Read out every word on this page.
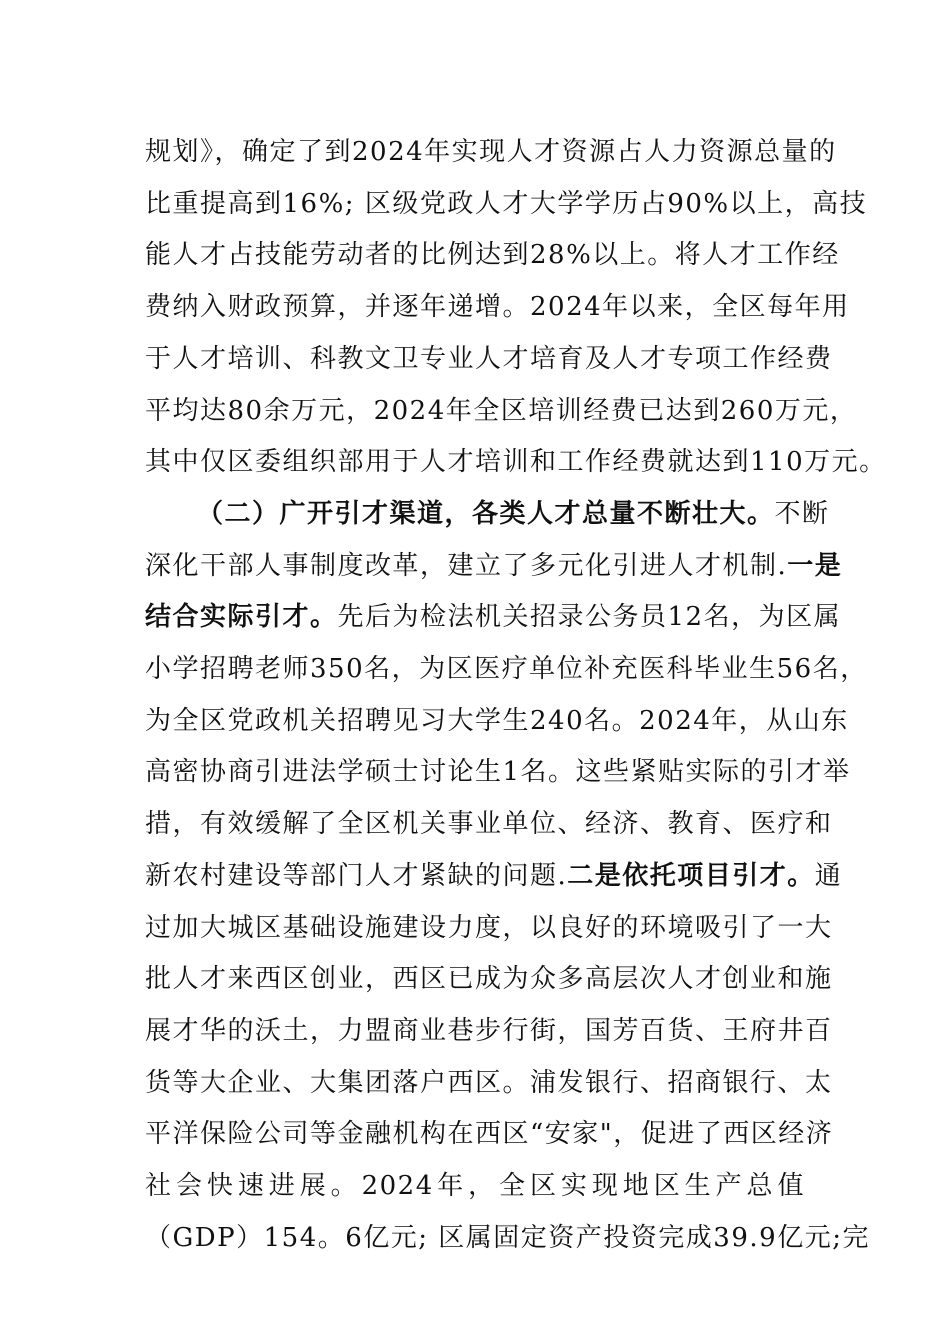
规划》，确定了到2024年实现人才资源占人力资源总量的
比重提高到16%; 区级党政人才大学学历占90%以上，高技
能人才占技能劳动者的比例达到28%以上。将人才工作经
费纳入财政预算，并逐年递增。2024年以来，全区每年用
于人才培训、科教文卫专业人才培育及人才专项工作经费
平均达80余万元，2024年全区培训经费已达到260万元，
其中仅区委组织部用于人才培训和工作经费就达到110万元。
（二）广开引才渠道，各类人才总量不断壮大。不断
深化干部人事制度改革，建立了多元化引进人才机制.一是
结合实际引才。先后为检法机关招录公务员12名，为区属
小学招聘老师350名，为区医疗单位补充医科毕业生56名，
为全区党政机关招聘见习大学生240名。2024年，从山东
高密协商引进法学硕士讨论生1名。这些紧贴实际的引才举
措，有效缓解了全区机关事业单位、经济、教育、医疗和
新农村建设等部门人才紧缺的问题.二是依托项目引才。通
过加大城区基础设施建设力度，以良好的环境吸引了一大
批人才来西区创业，西区已成为众多高层次人才创业和施
展才华的沃土，力盟商业巷步行街，国芳百货、王府井百
货等大企业、大集团落户西区。浦发银行、招商银行、太
平洋保险公司等金融机构在西区“安家"，促进了西区经济
社会快速进展。2024年，全区实现地区生产总值
（GDP）154。6亿元; 区属固定资产投资完成39.9亿元;完
